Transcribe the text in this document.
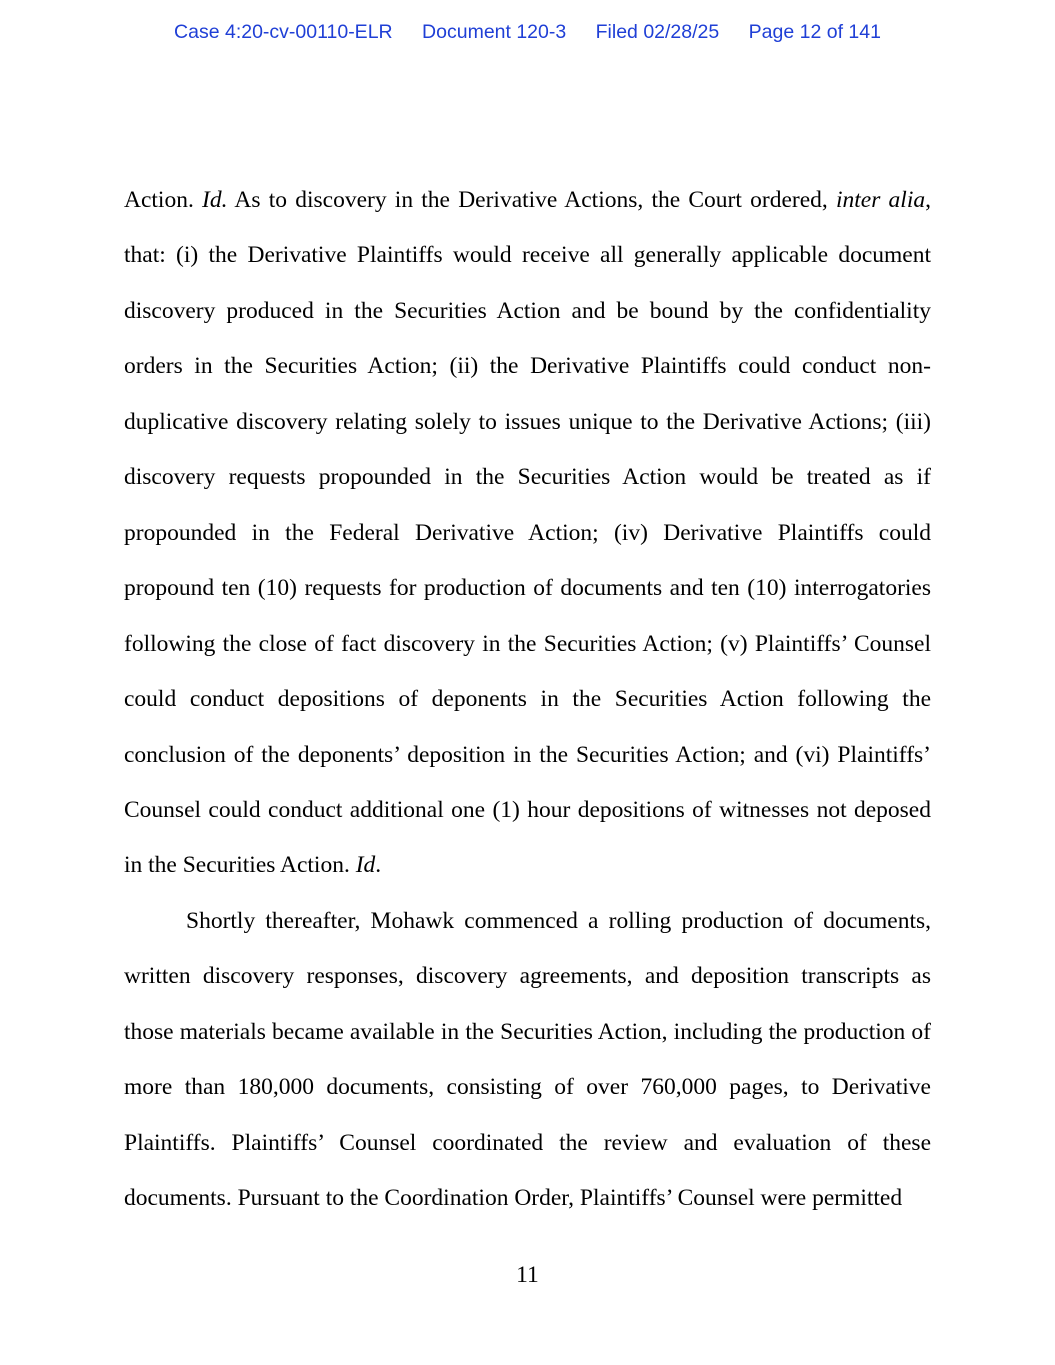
Case 4:20-cv-00110-ELR Document 120-3 Filed 02/28/25 Page 12 of 141

Action. Id. As to discovery in the Derivative Actions, the Court ordered, inter alia, that: (i) the Derivative Plaintiffs would receive all generally applicable document discovery produced in the Securities Action and be bound by the confidentiality orders in the Securities Action; (ii) the Derivative Plaintiffs could conduct non-duplicative discovery relating solely to issues unique to the Derivative Actions; (iii) discovery requests propounded in the Securities Action would be treated as if propounded in the Federal Derivative Action; (iv) Derivative Plaintiffs could propound ten (10) requests for production of documents and ten (10) interrogatories following the close of fact discovery in the Securities Action; (v) Plaintiffs’ Counsel could conduct depositions of deponents in the Securities Action following the conclusion of the deponents’ deposition in the Securities Action; and (vi) Plaintiffs’ Counsel could conduct additional one (1) hour depositions of witnesses not deposed in the Securities Action. Id.

Shortly thereafter, Mohawk commenced a rolling production of documents, written discovery responses, discovery agreements, and deposition transcripts as those materials became available in the Securities Action, including the production of more than 180,000 documents, consisting of over 760,000 pages, to Derivative Plaintiffs. Plaintiffs’ Counsel coordinated the review and evaluation of these documents. Pursuant to the Coordination Order, Plaintiffs’ Counsel were permitted

11
